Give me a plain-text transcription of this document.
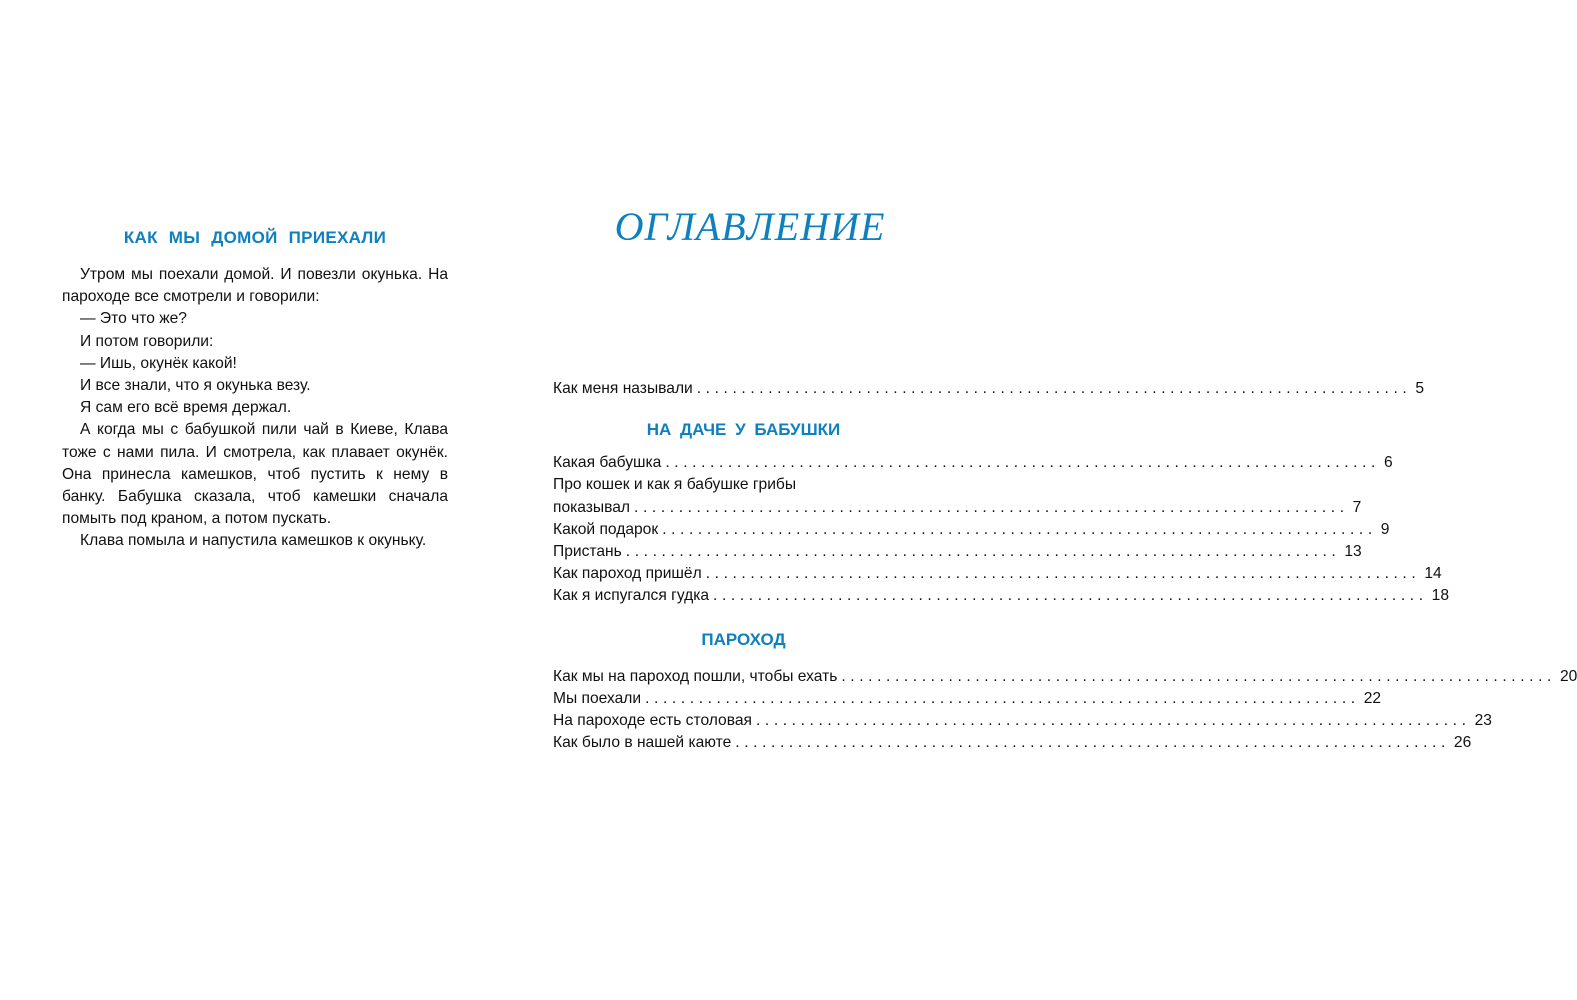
КАК МЫ ДОМОЙ ПРИЕХАЛИ

Утром мы поехали домой. И повезли окунька. На пароходе все смотрели и говорили:

— Это что же?

И потом говорили:

— Ишь, окунёк какой!

И все знали, что я окунька везу.

Я сам его всё время держал.

А когда мы с бабушкой пили чай в Киеве, Клава тоже с нами пила. И смотрела, как плавает окунёк. Она принесла камешков, чтоб пустить к нему в банку. Бабушка сказала, чтоб камешки сначала помыть под краном, а потом пускать.

Клава помыла и напустила камешков к окуньку.

ОГЛАВЛЕНИЕ
Как меня называли ................................................................................ 5
НА ДАЧЕ У БАБУШКИ
Какая бабушка ................................................................................ 6
Про кошек и как я бабушке грибы
показывал ................................................................................ 7
Какой подарок ................................................................................ 9
Пристань ................................................................................ 13
Как пароход пришёл ................................................................................ 14
Как я испугался гудка ................................................................................ 18
ПАРОХОД
Как мы на пароход пошли, чтобы ехать ................................................................................ 20
Мы поехали ................................................................................ 22
На пароходе есть столовая ................................................................................ 23
Как было в нашей каюте ................................................................................ 26
